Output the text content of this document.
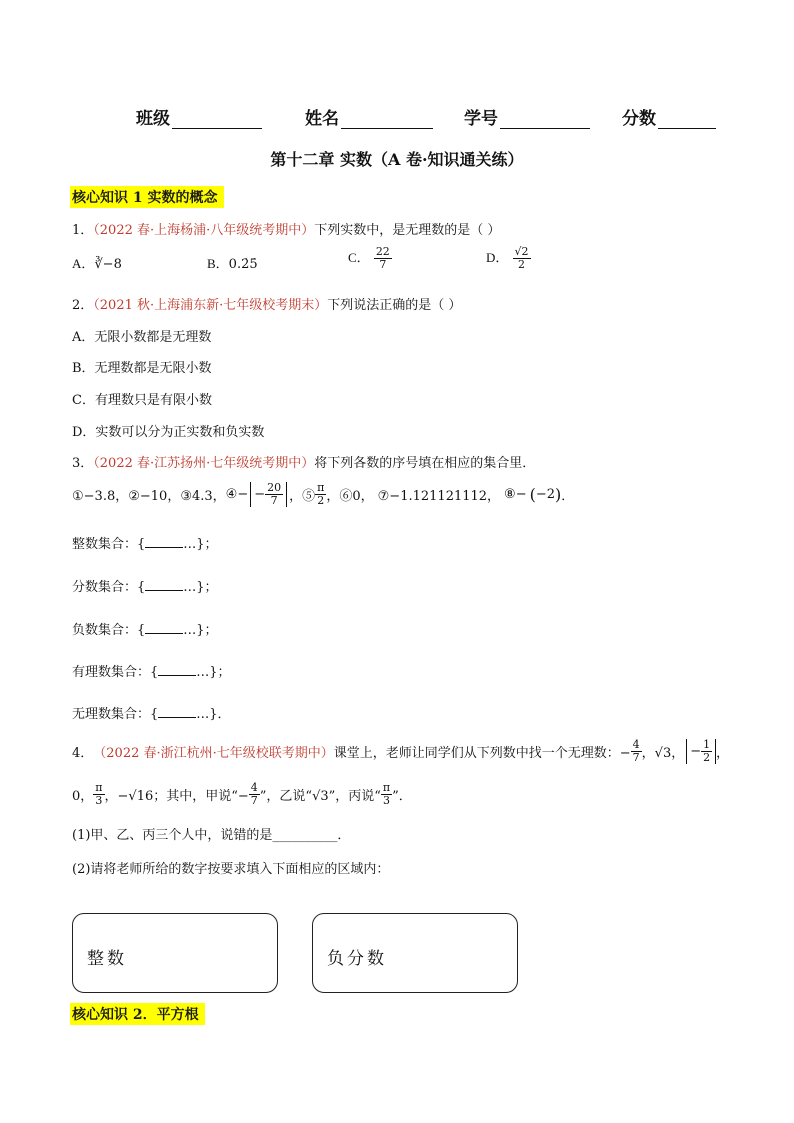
班级	姓名	学号	分数
第十二章 实数（A 卷·知识通关练）
核心知识 1 实数的概念
1．（2022 春·上海杨浦·八年级统考期中）下列实数中，是无理数的是（ ）
A．∛−8	B．0.2̇5̇	C． $\frac{22}{7}$	D． $\frac{√2}{2}$
2．（2021 秋·上海浦东新·七年级校考期末）下列说法正确的是（ ）
A．无限小数都是无理数
B．无理数都是无限小数
C．有理数只是有限小数
D．实数可以分为正实数和负实数
3．（2022 春·江苏扬州·七年级统考期中）将下列各数的序号填在相应的集合里．
①−3.8， ②−10， ③4.3， ④− − $\frac{20}{7}$ ，⑤ $\frac{\pi}{2}$ ，⑥0， ⑦−1.121121112， ⑧− ( −2 ) ．
整数集合：{	…}；
分数集合：{	…}；
负数集合：{	…}；
有理数集合：{	…}；
无理数集合：{	…}．
4． （2022 春·浙江杭州·七年级校联考期中） 课堂上，老师让同学们从下列数中找一个无理数：− $\frac{4}{7}$ ，√3， − $\frac{1}{2}$ ，
0， $\frac{\pi}{3}$ ，−√16；其中，甲说“− $\frac{4}{7}$ ”，乙说“√3”，丙说“ $\frac{\pi}{3}$ ”．
(1)甲、乙、丙三个人中，说错的是__________．
(2)请将老师所给的数字按要求填入下面相应的区域内：
整数	负分数
核心知识 2．平方根
